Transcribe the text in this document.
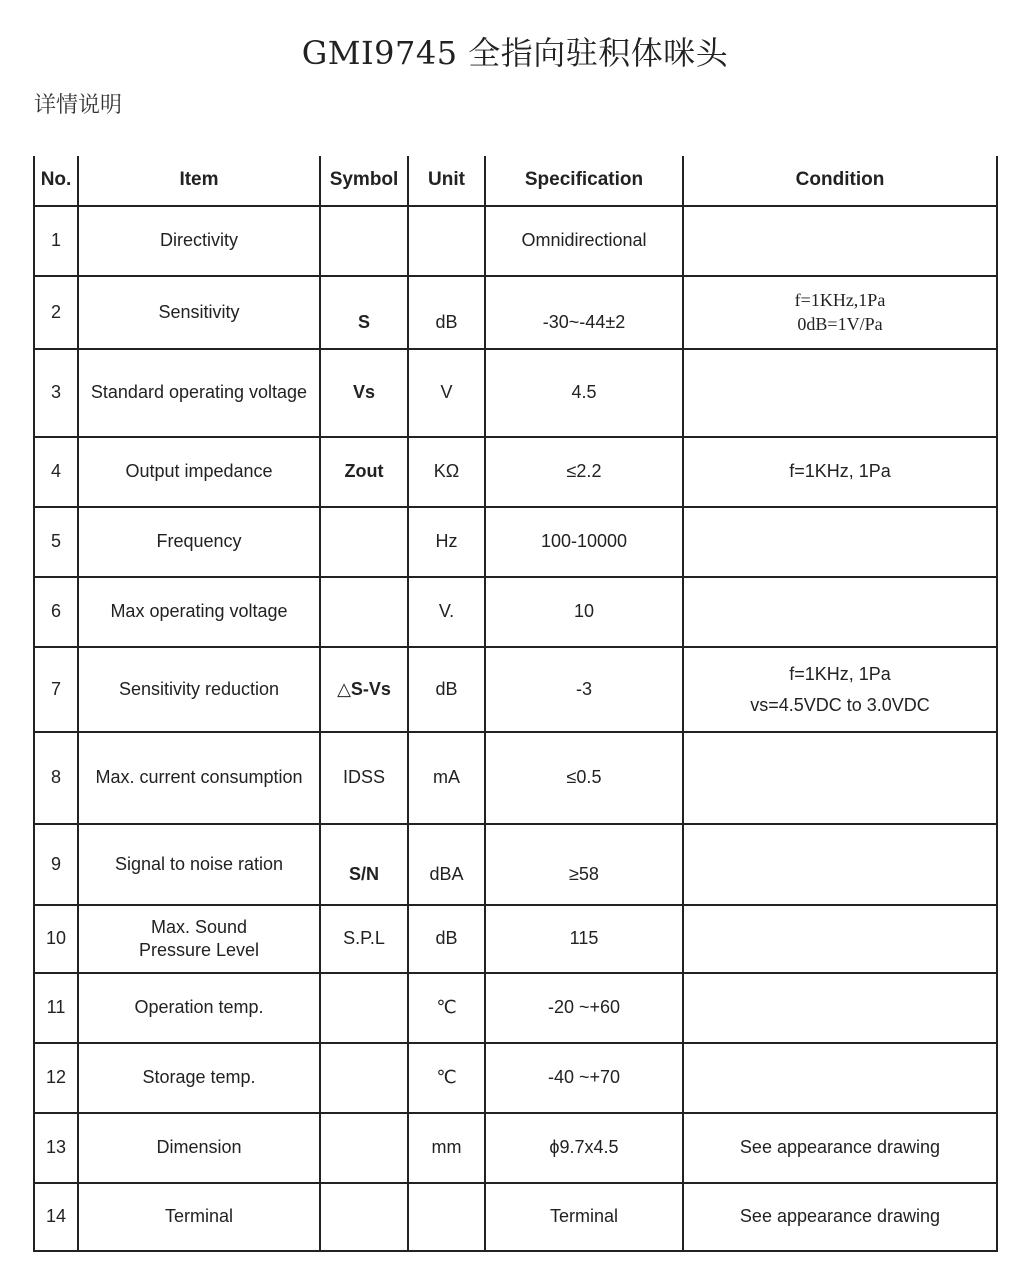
GMI9745 全指向驻积体咪头
详情说明
No.	Item	Symbol	Unit	Specification	Condition
1	Directivity			Omnidirectional	

2	Sensitivity	S	dB	-30~-44±2	f=1KHz,1Pa
0dB=1V/Pa

3	Standard operating voltage	Vs	V	4.5	

4	Output impedance	Zout	KΩ	≤2.2	f=1KHz, 1Pa

5	Frequency		Hz	100-10000	

6	Max operating voltage		V.	10	

7	Sensitivity reduction	△S-Vs	dB	-3	f=1KHz, 1Pa
vs=4.5VDC to 3.0VDC

8	Max. current consumption	IDSS	mA	≤0.5	

9	Signal to noise ration	S/N	dBA	≥58	

10	Max. Sound Pressure Level	S.P.L	dB	115	

11	Operation temp.		℃	-20 ~+60	

12	Storage temp.		℃	-40 ~+70	

13	Dimension		mm	ϕ9.7x4.5	See appearance drawing

14	Terminal			Terminal	See appearance drawing
